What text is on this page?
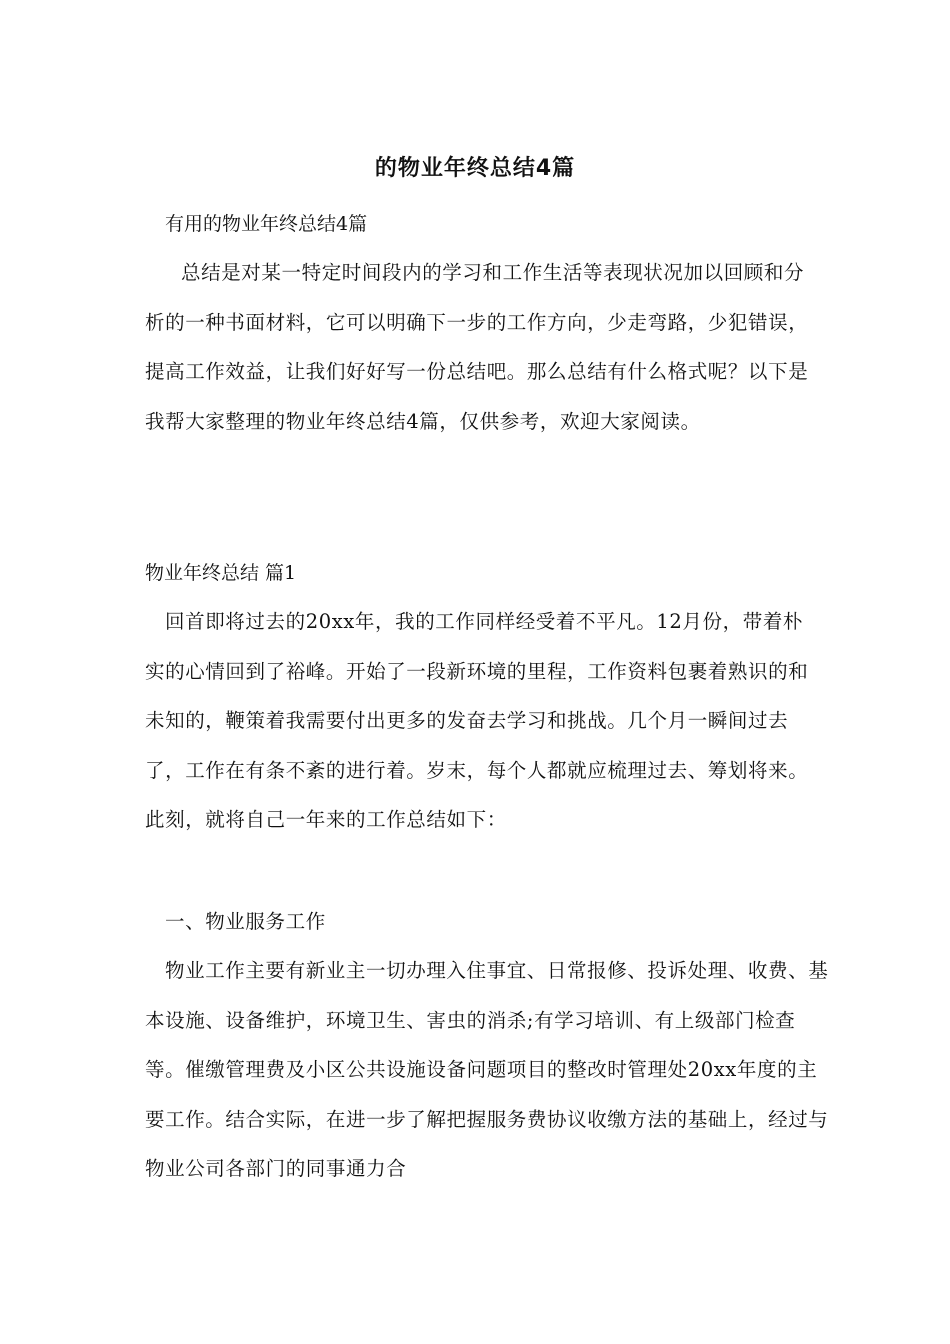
的物业年终总结4篇
有用的物业年终总结4篇
总结是对某一特定时间段内的学习和工作生活等表现状况加以回顾和分析的一种书面材料，它可以明确下一步的工作方向，少走弯路，少犯错误，提高工作效益，让我们好好写一份总结吧。那么总结有什么格式呢？以下是我帮大家整理的物业年终总结4篇，仅供参考，欢迎大家阅读。
物业年终总结 篇1
回首即将过去的20xx年，我的工作同样经受着不平凡。12月份，带着朴实的心情回到了裕峰。开始了一段新环境的里程，工作资料包裹着熟识的和未知的，鞭策着我需要付出更多的发奋去学习和挑战。几个月一瞬间过去了，工作在有条不紊的进行着。岁末，每个人都就应梳理过去、筹划将来。此刻，就将自己一年来的工作总结如下：
一、物业服务工作
物业工作主要有新业主一切办理入住事宜、日常报修、投诉处理、收费、基本设施、设备维护，环境卫生、害虫的消杀;有学习培训、有上级部门检查等。催缴管理费及小区公共设施设备问题项目的整改时管理处20xx年度的主要工作。结合实际，在进一步了解把握服务费协议收缴方法的基础上，经过与物业公司各部门的同事通力合
